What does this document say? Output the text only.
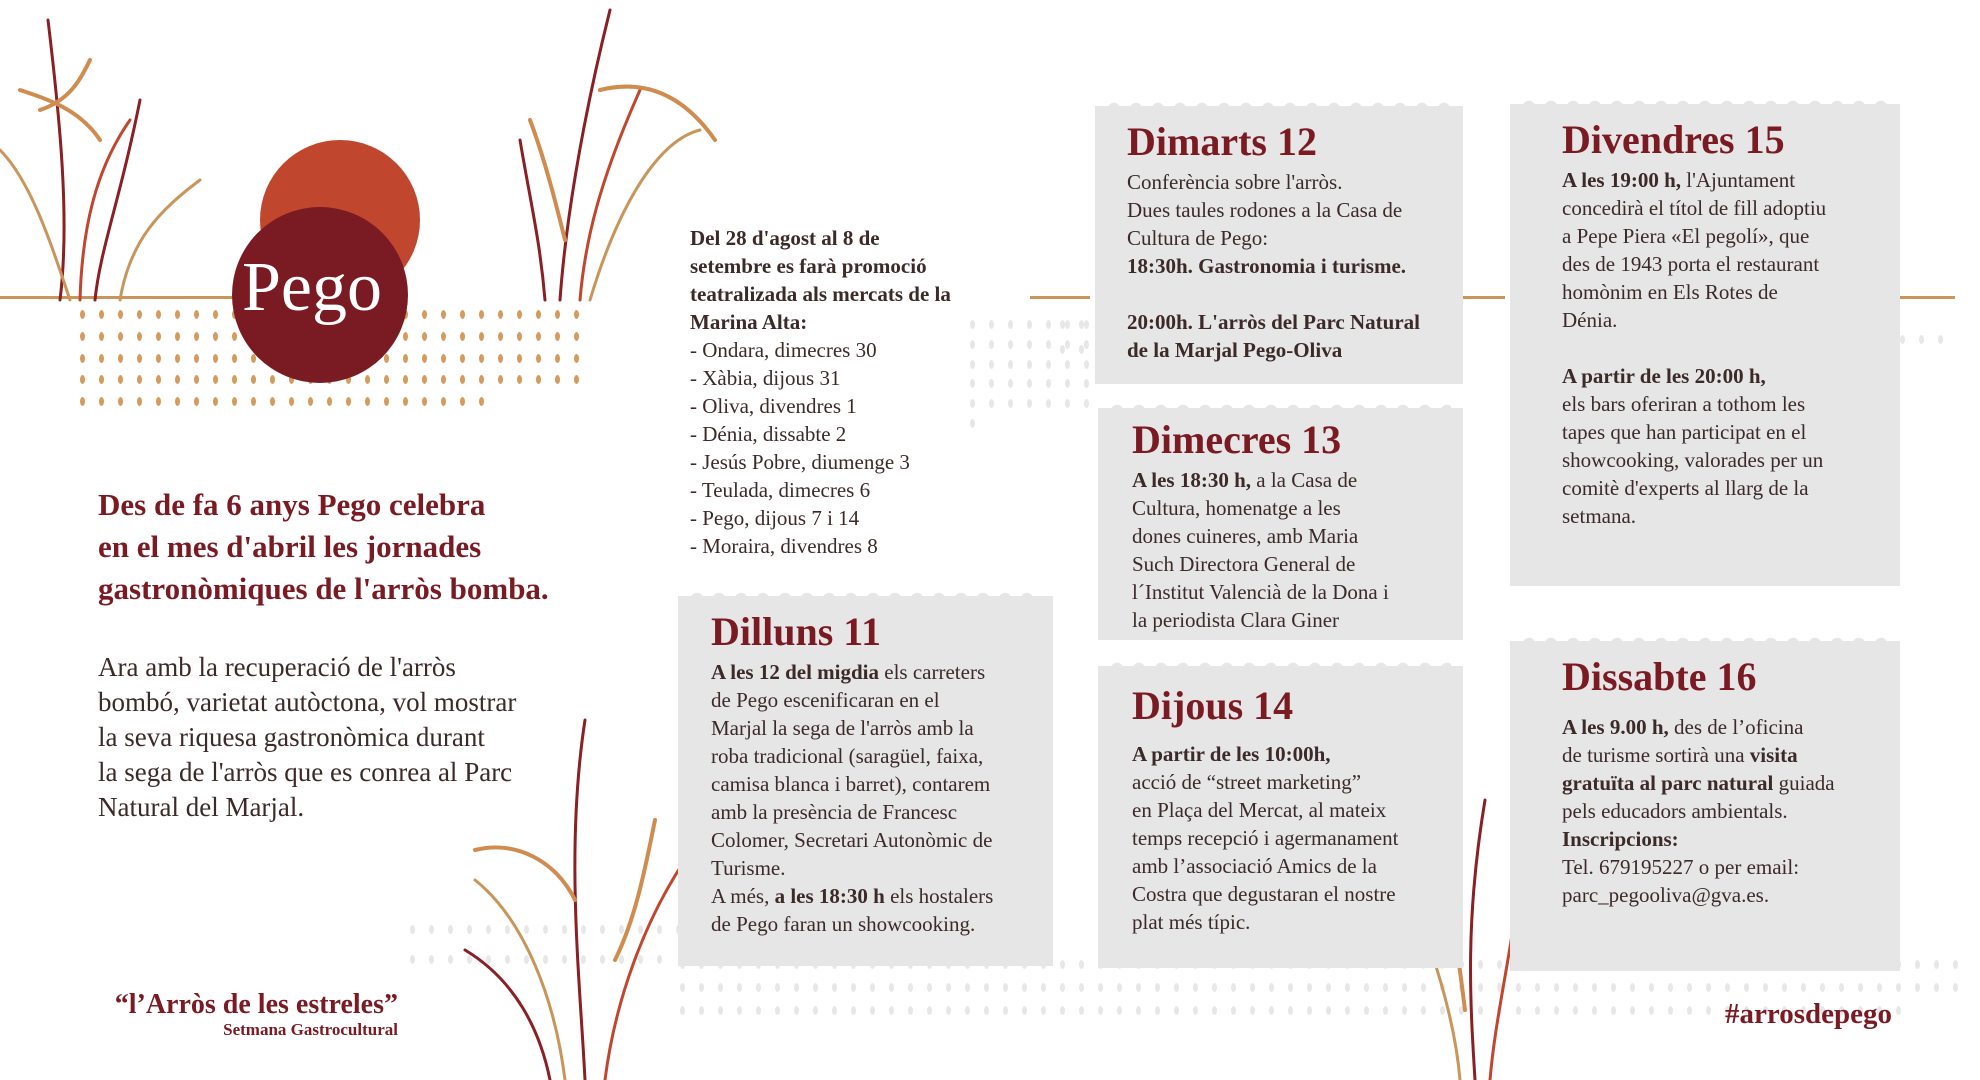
Pego
Des de fa 6 anys Pego celebra
en el mes d'abril les jornades
gastronòmiques de l'arròs bomba.
Ara amb la recuperació de l'arròs
bombó, varietat autòctona, vol mostrar
la seva riquesa gastronòmica durant
la sega de l'arròs que es conrea al Parc
Natural del Marjal.
“l’Arròs de les estreles”
Setmana Gastrocultural	#arrosdepego

Del 28 d'agost al 8 de

setembre es farà promoció

teatralizada als mercats de la

Marina Alta:

- Ondara, dimecres 30

- Xàbia, dijous 31

- Oliva, divendres 1

- Dénia, dissabte 2

- Jesús Pobre, diumenge 3

- Teulada, dimecres 6

- Pego, dijous 7 i 14

- Moraira, divendres 8

Dilluns 11

A les 12 del migdia els carreters

de Pego escenificaran en el

Marjal la sega de l'arròs amb la

roba tradicional (saragüel, faixa,

camisa blanca i barret), contarem

amb la presència de Francesc

Colomer, Secretari Autonòmic de

Turisme.

A més, a les 18:30 h els hostalers

de Pego faran un showcooking.

Dimarts 12

Conferència sobre l'arròs.

Dues taules rodones a la Casa de

Cultura de Pego:

18:30h. Gastronomia i turisme.

20:00h. L'arròs del Parc Natural

de la Marjal Pego-Oliva

Dimecres 13

A les 18:30 h, a la Casa de

Cultura, homenatge a les

dones cuineres, amb Maria

Such Directora General de

l´Institut Valencià de la Dona i

la periodista Clara Giner

Dijous 14

A partir de les 10:00h,

acció de “street marketing”

en Plaça del Mercat, al mateix

temps recepció i agermanament

amb l’associació Amics de la

Costra que degustaran el nostre

plat més típic.

Divendres 15

A les 19:00 h, l'Ajuntament

concedirà el títol de fill adoptiu

a Pepe Piera «El pegolí», que

des de 1943 porta el restaurant

homònim en Els Rotes de

Dénia.

A partir de les 20:00 h,

els bars oferiran a tothom les

tapes que han participat en el

showcooking, valorades per un

comitè d'experts al llarg de la

setmana.

Dissabte 16

A les 9.00 h, des de l’oficina

de turisme sortirà una visita

gratuïta al parc natural guiada

pels educadors ambientals.

Inscripcions:

Tel. 679195227 o per email:

parc_pegooliva@gva.es.
